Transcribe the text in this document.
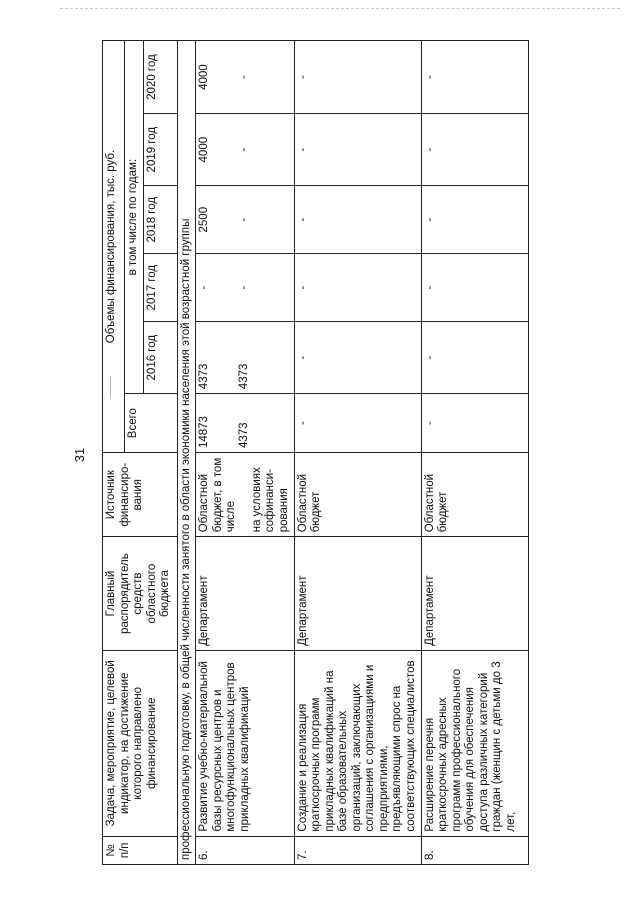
31
№ п/п	Задача, мероприятие, целевой индикатор, на достижение которого направлено финансирование	Главный распорядитель средств областного бюджета	Источник финансиро-вания	Объемы финансирования, тыс. руб.					
				Всего	в том числе по годам:				
					2016 год	2017 год	2018 год	2019 год	2020 год
профессиональную подготовку, в общей численности занятого в области экономики населения этой возрастной группы									
6.	Развитие учебно-материальной базы ресурсных центров и многофункциональных центров прикладных квалификаций	Департамент	Областной бюджет, в том числе на условиях софинанси-рования	14873 4373	4373 4373	- -	2500 -	4000 -	4000 -

7.	Создание и реализация краткосрочных программ прикладных квалификаций на базе образовательных организаций, заключающих соглашения с организациями и предприятиями, предъявляющими спрос на соответствующих специалистов	Департамент	Областной бюджет	-	-	-	-	-	-
8.	Расширение перечня краткосрочных адресных программ профессионального обучения для обеспечения доступа различных категорий граждан (женщин с детьми до 3 лет,	Департамент	Областной бюджет	-	-	-	-	-	-
